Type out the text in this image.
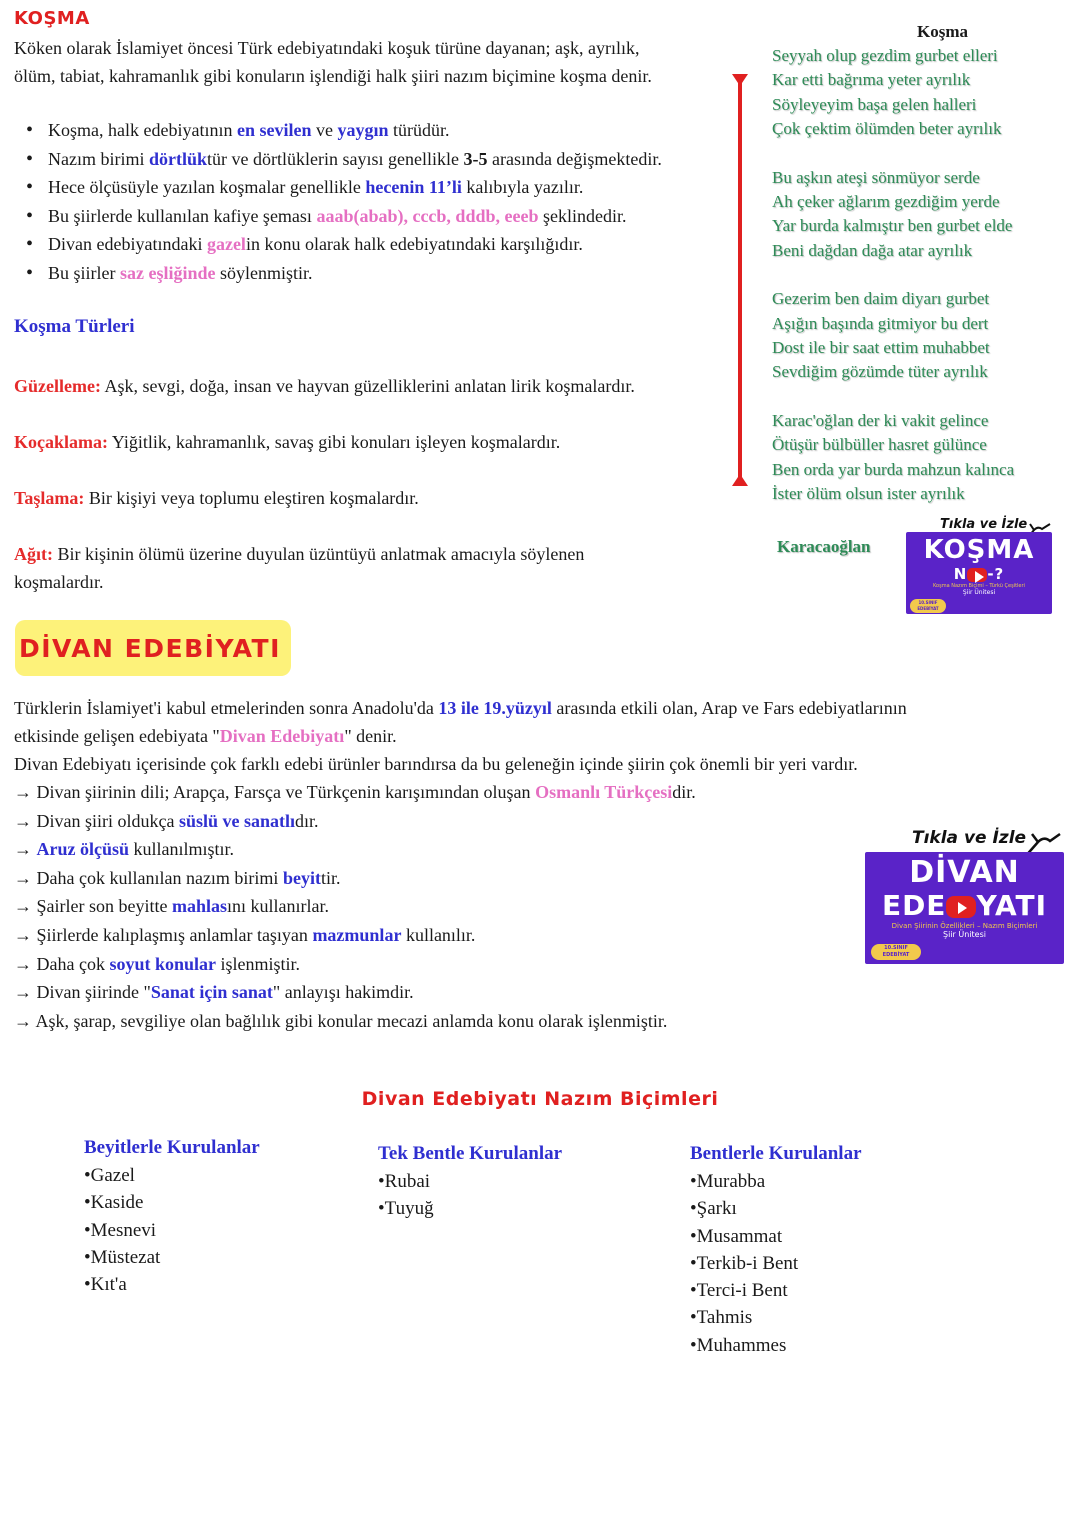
KOŞMA
Köken olarak İslamiyet öncesi Türk edebiyatındaki koşuk türüne dayanan; aşk, ayrılık,
ölüm, tabiat, kahramanlık gibi konuların işlendiği halk şiiri nazım biçimine koşma denir.
• Koşma, halk edebiyatının en sevilen ve yaygın türüdür.
• Nazım birimi dörtlüktür ve dörtlüklerin sayısı genellikle 3-5 arasında değişmektedir.
• Hece ölçüsüyle yazılan koşmalar genellikle hecenin 11’li kalıbıyla yazılır.
• Bu şiirlerde kullanılan kafiye şeması aaab(abab), cccb, dddb, eeeb şeklindedir.
• Divan edebiyatındaki gazelin konu olarak halk edebiyatındaki karşılığıdır.
• Bu şiirler saz eşliğinde söylenmiştir.
Koşma Türleri
Güzelleme: Aşk, sevgi, doğa, insan ve hayvan güzelliklerini anlatan lirik koşmalardır.
Koçaklama: Yiğitlik, kahramanlık, savaş gibi konuları işleyen koşmalardır.
Taşlama: Bir kişiyi veya toplumu eleştiren koşmalardır.
Ağıt: Bir kişinin ölümü üzerine duyulan üzüntüyü anlatmak amacıyla söylenen
koşmalardır.
Koşma
Seyyah olup gezdim gurbet elleri
Kar etti bağrıma yeter ayrılık
Söyleyeyim başa gelen halleri
Çok çektim ölümden beter ayrılık
Bu aşkın ateşi sönmüyor serde
Ah çeker ağlarım gezdiğim yerde
Yar burda kalmıştır ben gurbet elde
Beni dağdan dağa atar ayrılık
Gezerim ben daim diyarı gurbet
Aşığın başında gitmiyor bu dert
Dost ile bir saat ettim muhabbet
Sevdiğim gözümde tüter ayrılık
Karac'oğlan der ki vakit gelince
Ötüşür bülbüller hasret gülünce
Ben orda yar burda mahzun kalınca
İster ölüm olsun ister ayrılık
Karacaoğlan
Tıkla ve İzle
KOŞMA
N -?
Koşma Nazım Biçimi – Türkü Çeşitleri
Şiir Ünitesi
10.SINIF EDEBİYAT
DİVAN EDEBİYATI
Türklerin İslamiyet'i kabul etmelerinden sonra Anadolu'da 13 ile 19.yüzyıl arasında etkili olan, Arap ve Fars edebiyatlarının
etkisinde gelişen edebiyata "Divan Edebiyatı" denir.
Divan Edebiyatı içerisinde çok farklı edebi ürünler barındırsa da bu geleneğin içinde şiirin çok önemli bir yeri vardır.
→ Divan şiirinin dili; Arapça, Farsça ve Türkçenin karışımından oluşan Osmanlı Türkçesidir.
→ Divan şiiri oldukça süslü ve sanatlıdır.
→ Aruz ölçüsü kullanılmıştır.
→ Daha çok kullanılan nazım birimi beyittir.
→ Şairler son beyitte mahlasını kullanırlar.
→ Şiirlerde kalıplaşmış anlamlar taşıyan mazmunlar kullanılır.
→ Daha çok soyut konular işlenmiştir.
→ Divan şiirinde "Sanat için sanat" anlayışı hakimdir.
→ Aşk, şarap, sevgiliye olan bağlılık gibi konular mecazi anlamda konu olarak işlenmiştir.
Tıkla ve İzle
DİVAN
EDE YATI
Divan Şiirinin Özellikleri – Nazım Biçimleri
Şiir Ünitesi
10.SINIF EDEBİYAT
Divan Edebiyatı Nazım Biçimleri
Beyitlerle Kurulanlar
•Gazel
•Kaside
•Mesnevi
•Müstezat
•Kıt'a
Tek Bentle Kurulanlar
•Rubai
•Tuyuğ
Bentlerle Kurulanlar
•Murabba
•Şarkı
•Musammat
•Terkib-i Bent
•Terci-i Bent
•Tahmis
•Muhammes
